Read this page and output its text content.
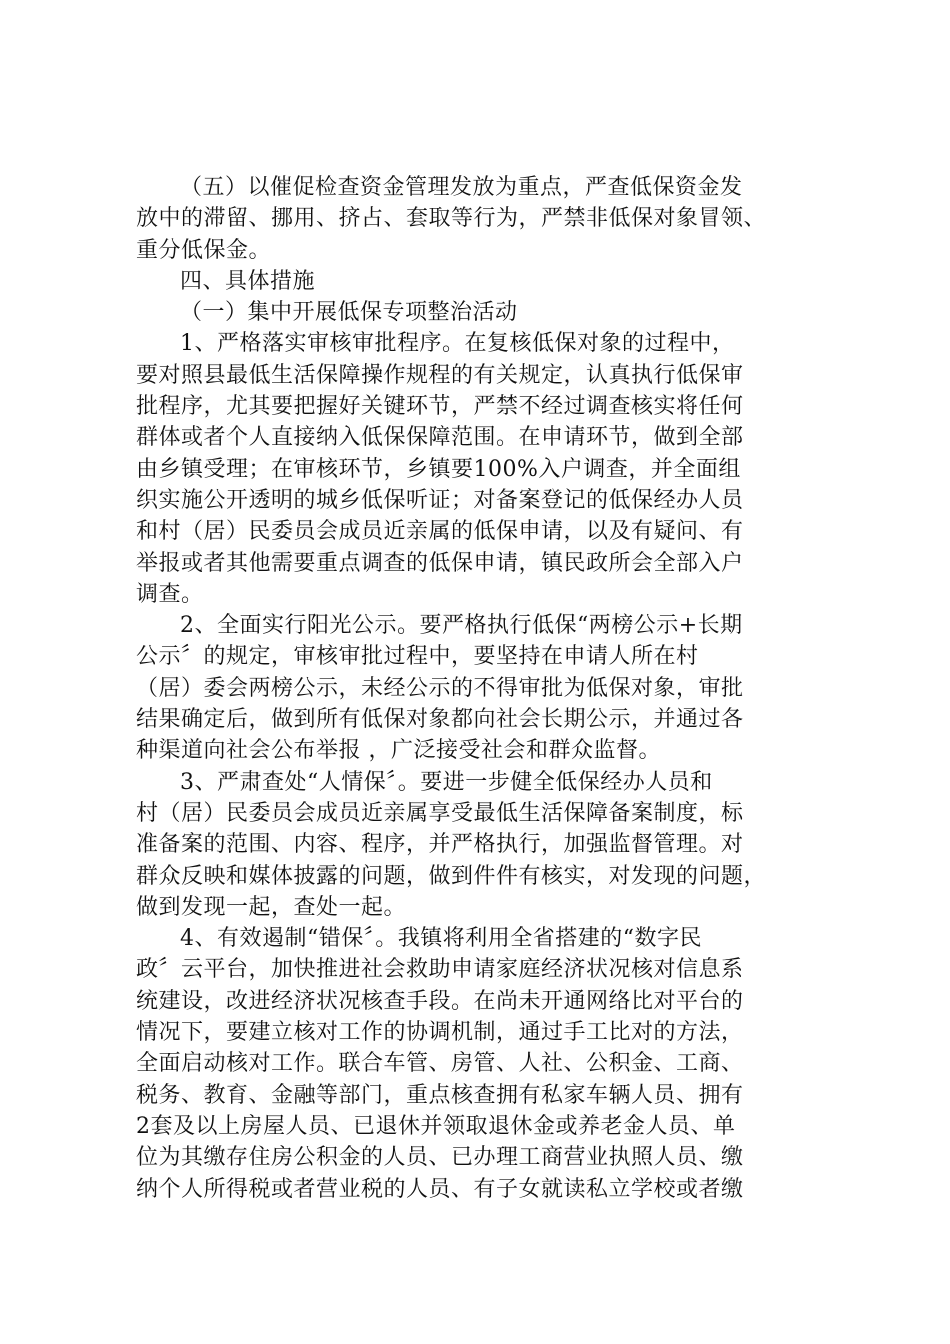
（五）以催促检查资金管理发放为重点，严查低保资金发
放中的滞留、挪用、挤占、套取等行为，严禁非低保对象冒领、
重分低保金。
四、具体措施
（一）集中开展低保专项整治活动
1、严格落实审核审批程序。在复核低保对象的过程中，
要对照县最低生活保障操作规程的有关规定，认真执行低保审
批程序，尤其要把握好关键环节，严禁不经过调查核实将任何
群体或者个人直接纳入低保保障范围。在申请环节，做到全部
由乡镇受理；在审核环节，乡镇要100%入户调查，并全面组
织实施公开透明的城乡低保听证；对备案登记的低保经办人员
和村（居）民委员会成员近亲属的低保申请，以及有疑问、有
举报或者其他需要重点调查的低保申请，镇民政所会全部入户
调查。
2、全面实行阳光公示。要严格执行低保“两榜公示+长期
公示〞的规定，审核审批过程中，要坚持在申请人所在村
（居）委会两榜公示，未经公示的不得审批为低保对象，审批
结果确定后，做到所有低保对象都向社会长期公示，并通过各
种渠道向社会公布举报 ，广泛接受社会和群众监督。
3、严肃查处“人情保〞。要进一步健全低保经办人员和
村（居）民委员会成员近亲属享受最低生活保障备案制度，标
准备案的范围、内容、程序，并严格执行，加强监督管理。对
群众反映和媒体披露的问题，做到件件有核实，对发现的问题，
做到发现一起，查处一起。
4、有效遏制“错保〞。我镇将利用全省搭建的“数字民
政〞云平台，加快推进社会救助申请家庭经济状况核对信息系
统建设，改进经济状况核查手段。在尚未开通网络比对平台的
情况下，要建立核对工作的协调机制，通过手工比对的方法，
全面启动核对工作。联合车管、房管、人社、公积金、工商、
税务、教育、金融等部门，重点核查拥有私家车辆人员、拥有
2套及以上房屋人员、已退休并领取退休金或养老金人员、单
位为其缴存住房公积金的人员、已办理工商营业执照人员、缴
纳个人所得税或者营业税的人员、有子女就读私立学校或者缴
